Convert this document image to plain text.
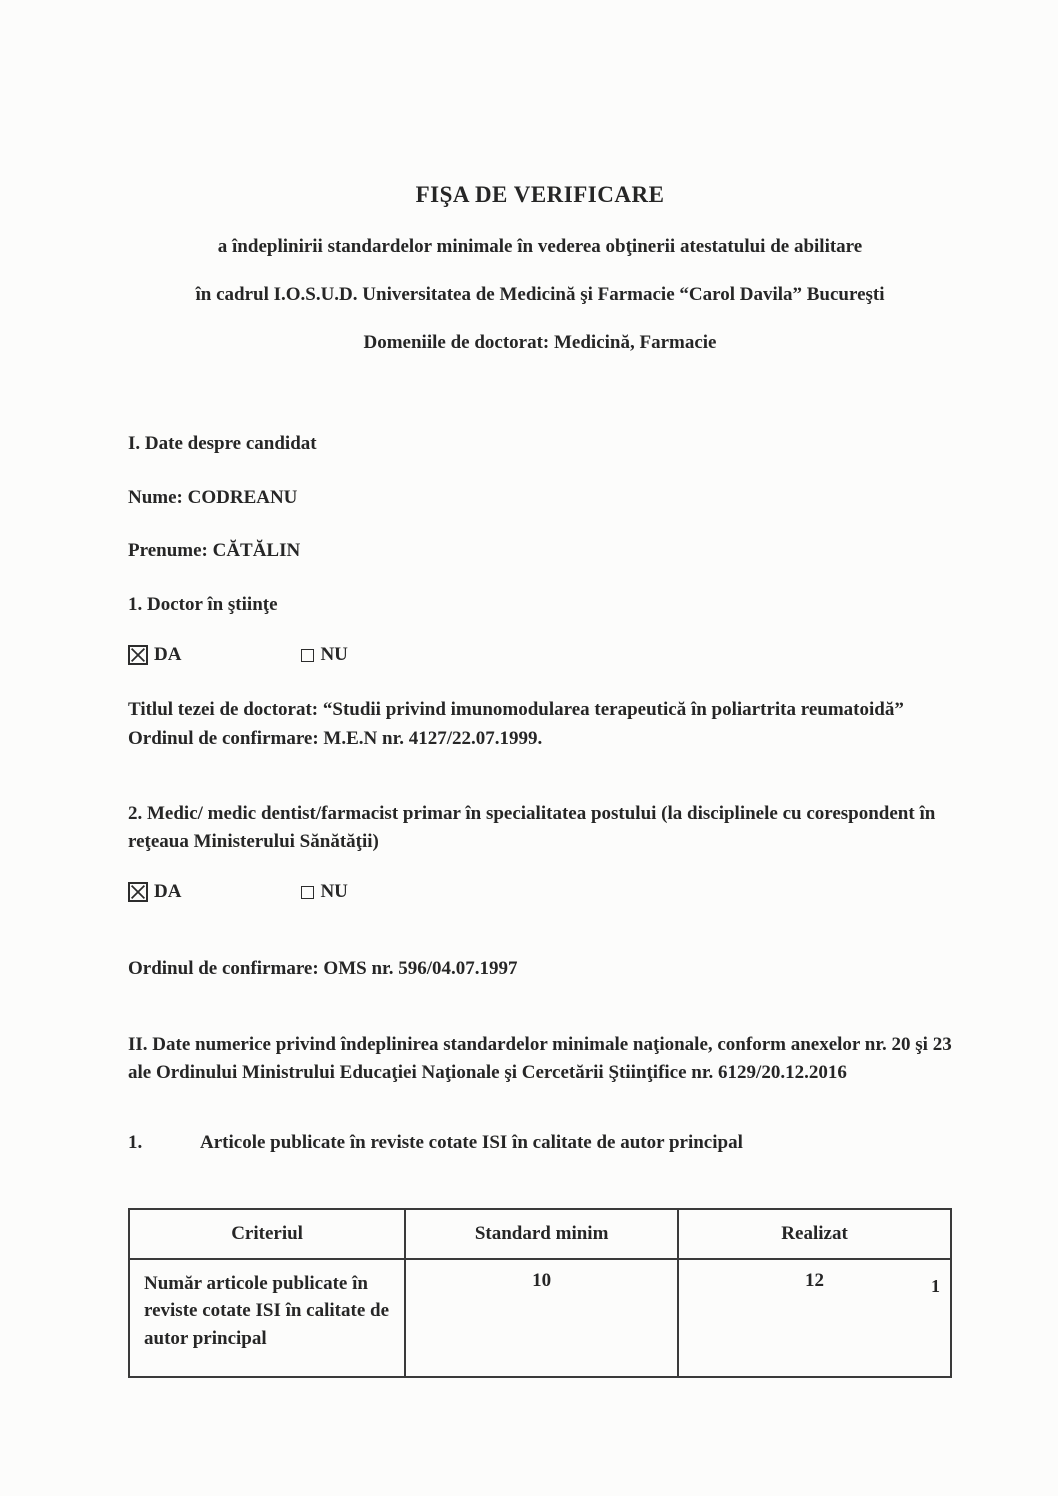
FIŞA DE VERIFICARE

a îndeplinirii standardelor minimale în vederea obţinerii atestatului de abilitare

în cadrul I.O.S.U.D. Universitatea de Medicină şi Farmacie “Carol Davila” Bucureşti

Domeniile de doctorat: Medicină, Farmacie

I. Date despre candidat

Nume: CODREANU

Prenume: CĂTĂLIN

1. Doctor în ştiinţe

DA	NU

Titlul tezei de doctorat: “Studii privind imunomodularea terapeutică în poliartrita reumatoidă”

Ordinul de confirmare: M.E.N nr. 4127/22.07.1999.

2. Medic/ medic dentist/farmacist primar în specialitatea postului (la disciplinele cu corespondent în reţeaua Ministerului Sănătăţii)

DA	NU

Ordinul de confirmare: OMS nr. 596/04.07.1997

II. Date numerice privind îndeplinirea standardelor minimale naţionale, conform anexelor nr. 20 şi 23 ale Ordinului Ministrului Educaţiei Naţionale şi Cercetării Ştiinţifice nr. 6129/20.12.2016

1.	Articole publicate în reviste cotate ISI în calitate de autor principal
Criteriul	Standard minim	Realizat
Număr articole publicate în reviste cotate ISI în calitate de autor principal	10	12	1
